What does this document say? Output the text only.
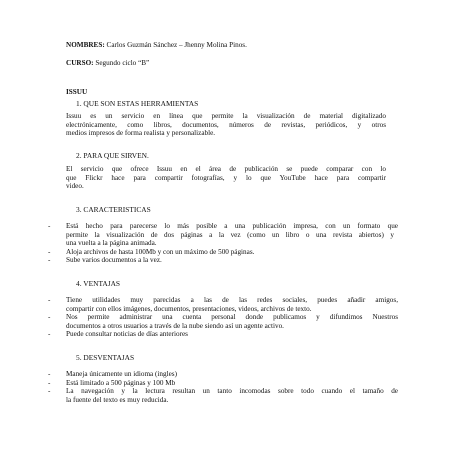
NOMBRES: Carlos Guzmán Sánchez – Jhenny Molina Pinos.
CURSO: Segundo ciclo “B”
ISSUU
1. QUE SON ESTAS HERRAMIENTAS
Issuu es un servicio en línea que permite la visualización de material digitalizado
electrónicamente, como libros, documentos, números de revistas, periódicos, y otros
medios impresos de forma realista y personalizable.
2. PARA QUE SIRVEN.
El servicio que ofrece Issuu en el área de publicación se puede comparar con lo
que Flickr hace para compartir fotografías, y lo que YouTube hace para compartir
video.
3. CARACTERISTICAS
- Está hecho para parecerse lo más posible a una publicación impresa, con un formato que
permite la visualización de dos páginas a la vez (como un libro o una revista abiertos) y
una vuelta a la página animada.
- Aloja archivos de hasta 100Mb y con un máximo de 500 páginas.
- Sube varios documentos a la vez.
4. VENTAJAS
- Tiene utilidades muy parecidas a las de las redes sociales, puedes añadir amigos,
compartir con ellos imágenes, documentos, presentaciones, videos, archivos de texto.
- Nos permite administrar una cuenta personal donde publicamos y difundimos Nuestros
documentos a otros usuarios a través de la nube siendo así un agente activo.
- Puede consultar noticias de días anteriores
5. DESVENTAJAS
- Maneja únicamente un idioma (ingles)
- Está limitado a 500 páginas y 100 Mb
- La navegación y la lectura resultan un tanto incomodas sobre todo cuando el tamaño de
la fuente del texto es muy reducida.
